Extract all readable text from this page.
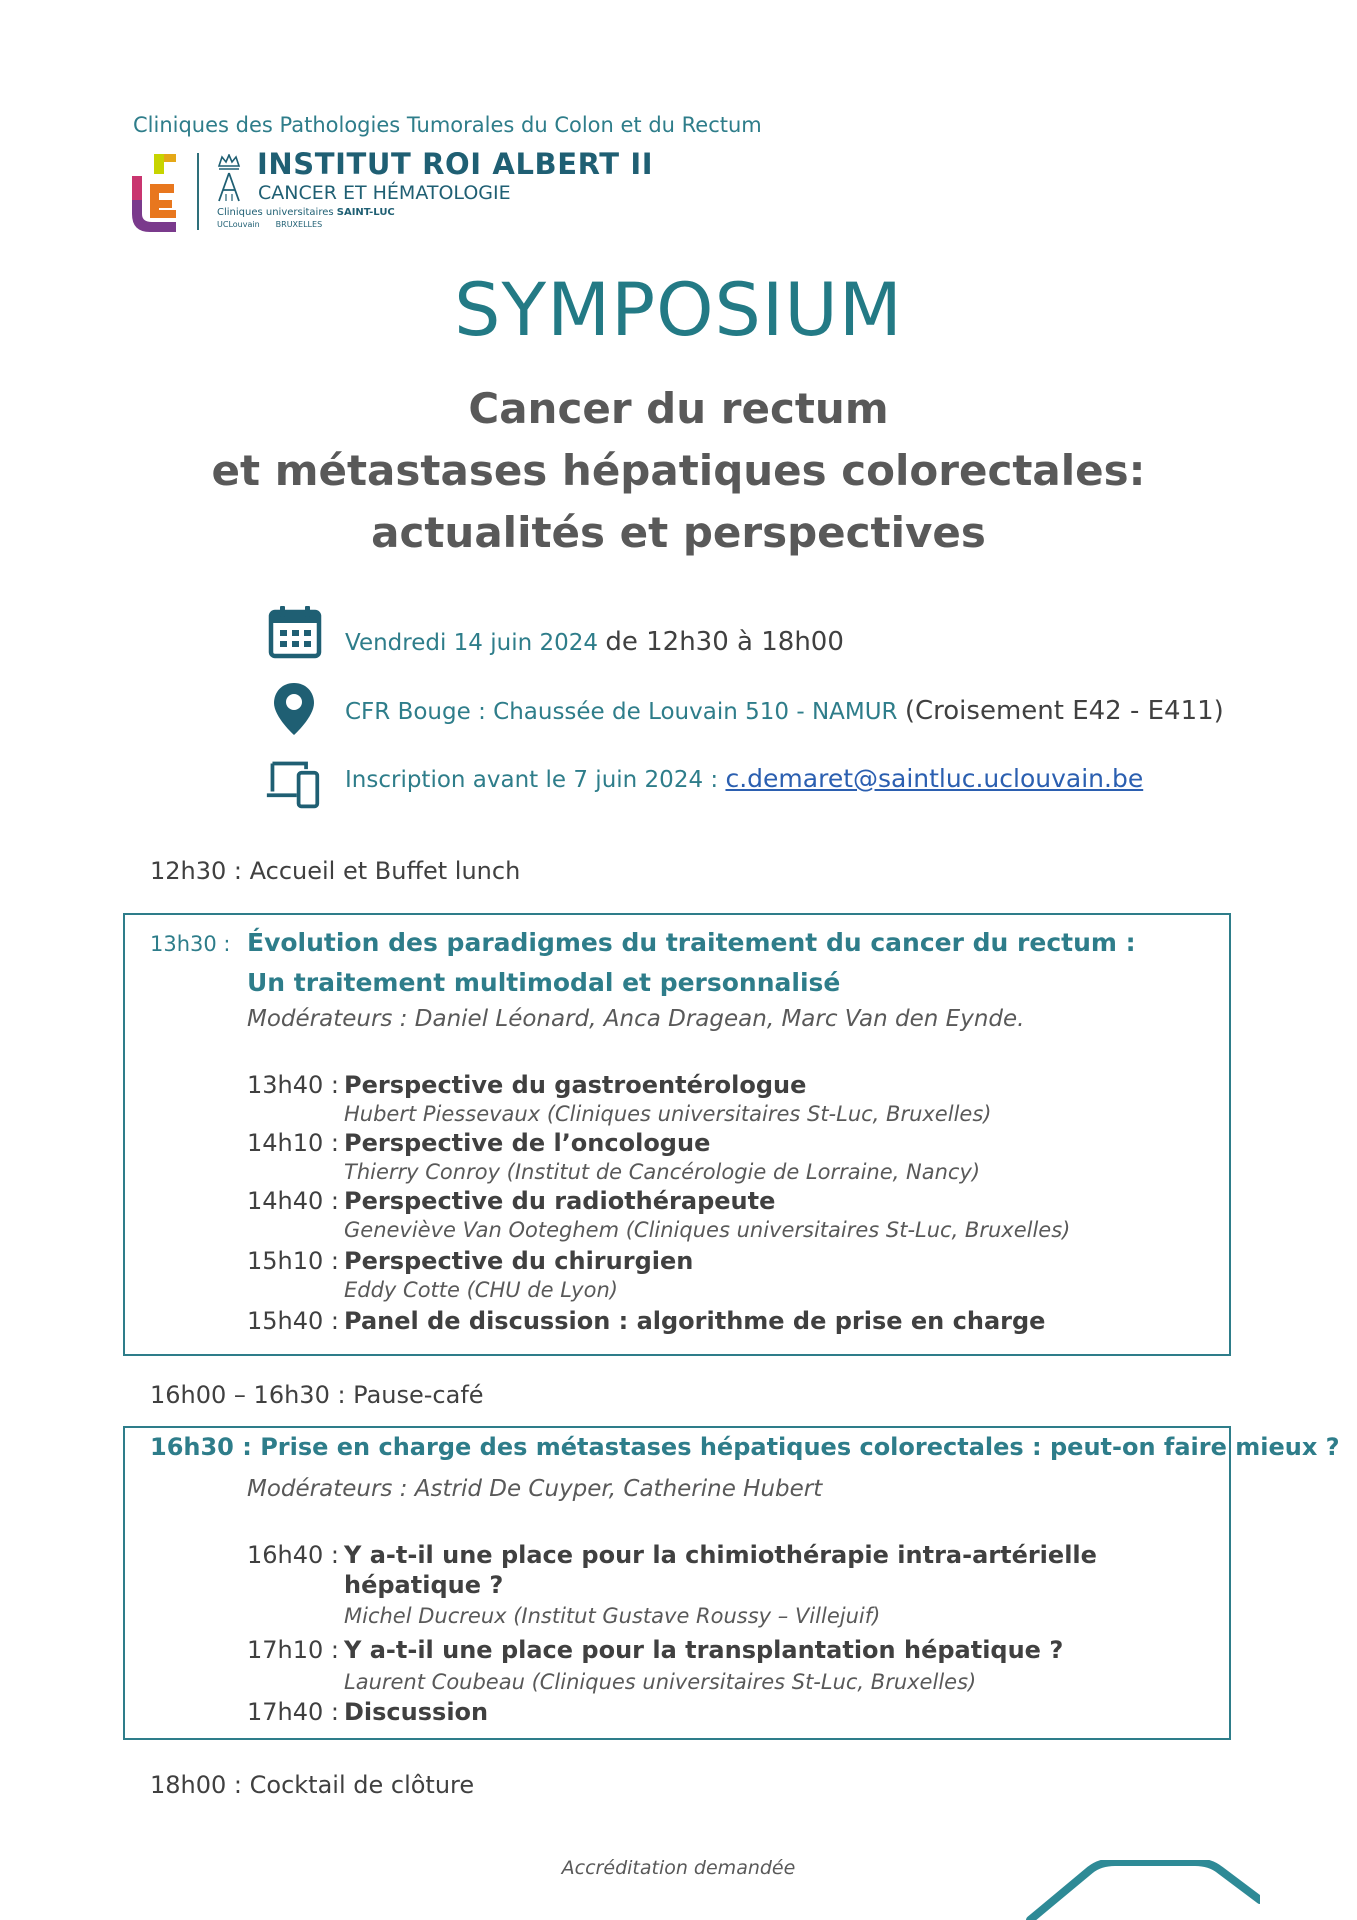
Cliniques des Pathologies Tumorales du Colon et du Rectum
INSTITUT ROI ALBERT II
CANCER ET HÉMATOLOGIE
Cliniques universitaires SAINT-LUC
UCLouvain BRUXELLES
SYMPOSIUM
Cancer du rectum
et métastases hépatiques colorectales:
actualités et perspectives
Vendredi 14 juin 2024 de 12h30 à 18h00
CFR Bouge : Chaussée de Louvain 510 - NAMUR (Croisement E42 - E411)
Inscription avant le 7 juin 2024 : c.demaret@saintluc.uclouvain.be
12h30 : Accueil et Buffet lunch
13h30 : Évolution des paradigmes du traitement du cancer du rectum :
Un traitement multimodal et personnalisé
Modérateurs : Daniel Léonard, Anca Dragean, Marc Van den Eynde.
13h40 : Perspective du gastroentérologue
Hubert Piessevaux (Cliniques universitaires St-Luc, Bruxelles)
14h10 : Perspective de l’oncologue
Thierry Conroy (Institut de Cancérologie de Lorraine, Nancy)
14h40 : Perspective du radiothérapeute
Geneviève Van Ooteghem (Cliniques universitaires St-Luc, Bruxelles)
15h10 : Perspective du chirurgien
Eddy Cotte (CHU de Lyon)
15h40 : Panel de discussion : algorithme de prise en charge
16h00 – 16h30 : Pause-café
16h30 : Prise en charge des métastases hépatiques colorectales : peut-on faire mieux ?
Modérateurs : Astrid De Cuyper, Catherine Hubert
16h40 : Y a-t-il une place pour la chimiothérapie intra-artérielle
hépatique ?
Michel Ducreux (Institut Gustave Roussy – Villejuif)
17h10 : Y a-t-il une place pour la transplantation hépatique ?
Laurent Coubeau (Cliniques universitaires St-Luc, Bruxelles)
17h40 : Discussion
18h00 : Cocktail de clôture
Accréditation demandée
